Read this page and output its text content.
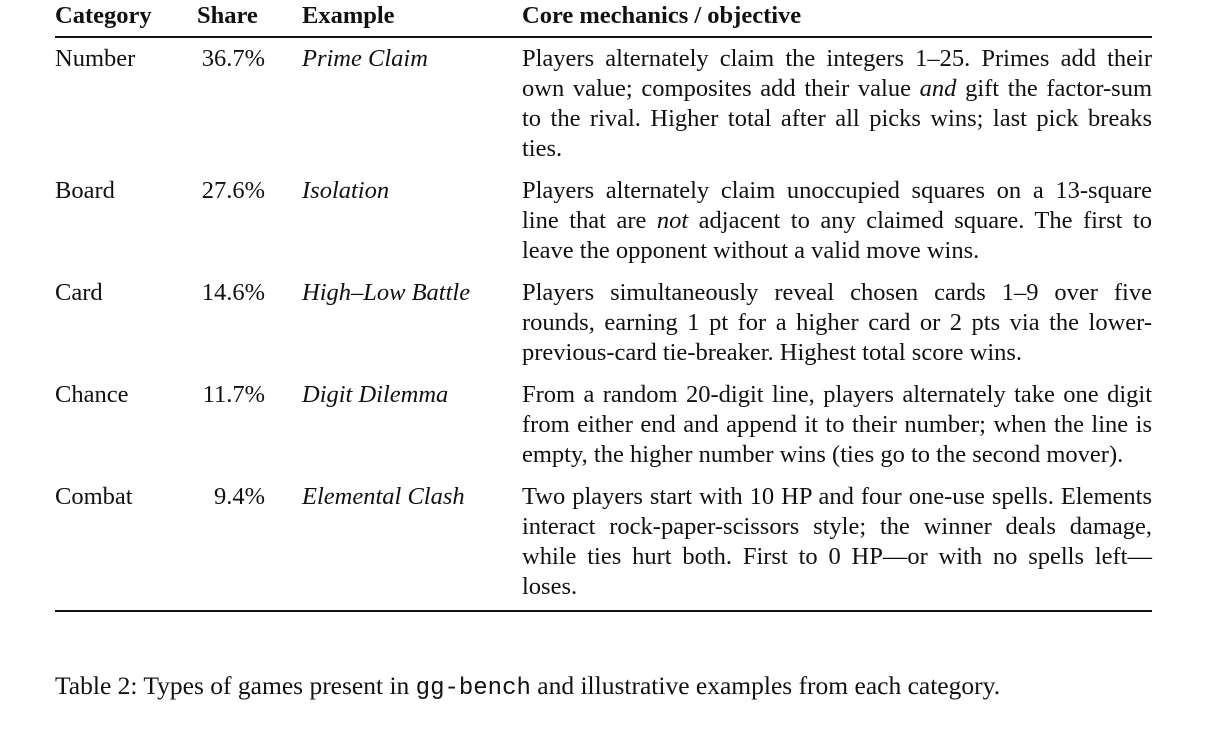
Category	Share	Example	Core mechanics / objective
Number	36.7%	Prime Claim	Players alternately claim the integers 1–25. Primes add their own value; composites add their value and gift the factor-sum to the rival. Higher total after all picks wins; last pick breaks ties.
Board	27.6%	Isolation	Players alternately claim unoccupied squares on a 13-square line that are not adjacent to any claimed square. The first to leave the opponent without a valid move wins.
Card	14.6%	High–Low Battle	Players simultaneously reveal chosen cards 1–9 over five rounds, earning 1 pt for a higher card or 2 pts via the lower-previous-card tie-breaker. Highest total score wins.
Chance	11.7%	Digit Dilemma	From a random 20-digit line, players alternately take one digit from either end and append it to their number; when the line is empty, the higher number wins (ties go to the second mover).
Combat	9.4%	Elemental Clash	Two players start with 10 HP and four one-use spells. Elements interact rock-paper-scissors style; the winner deals damage, while ties hurt both. First to 0 HP—or with no spells left—loses.
Table 2: Types of games present in gg-bench and illustrative examples from each category.
